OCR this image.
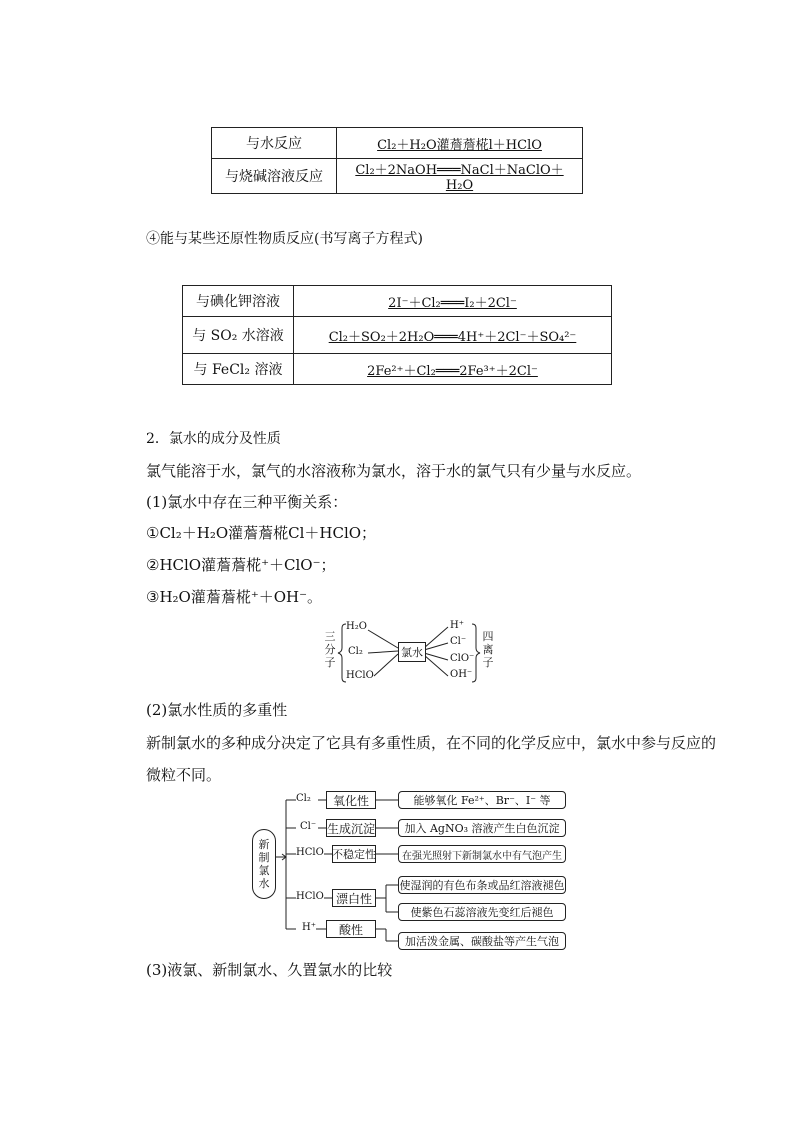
与水反应	Cl₂＋H₂O灌薝薝椛l＋HClO
与烧碱溶液反应	Cl₂＋2NaOH═══NaCl＋NaClO＋H₂O
④能与某些还原性物质反应(书写离子方程式)
与碘化钾溶液	2I⁻＋Cl₂═══I₂＋2Cl⁻
与 SO₂ 水溶液	Cl₂＋SO₂＋2H₂O═══4H⁺＋2Cl⁻＋SO₄²⁻
与 FeCl₂ 溶液	2Fe²⁺＋Cl₂═══2Fe³⁺＋2Cl⁻
2．氯水的成分及性质
氯气能溶于水，氯气的水溶液称为氯水，溶于水的氯气只有少量与水反应。
(1)氯水中存在三种平衡关系：
①Cl₂＋H₂O灌薝薝椛Cl＋HClO；
②HClO灌薝薝椛⁺＋ClO⁻；
③H₂O灌薝薝椛⁺＋OH⁻。
三分子
H₂O
Cl₂
HClO
氯水
H⁺
Cl⁻
ClO⁻
OH⁻
四离子
(2)氯水性质的多重性
新制氯水的多种成分决定了它具有多重性质，在不同的化学反应中，氯水中参与反应的
微粒不同。
新制氯水
Cl₂	氧化性	能够氧化 Fe²⁺、Br⁻、I⁻ 等
Cl⁻ 生成沉淀	加入 AgNO₃ 溶液产生白色沉淀
HClO 不稳定性	在强光照射下新制氯水中有气泡产生
HClO	漂白性
使湿润的有色布条或品红溶液褪色
使紫色石蕊溶液先变红后褪色
H⁺	酸性
加活泼金属、碳酸盐等产生气泡
(3)液氯、新制氯水、久置氯水的比较
